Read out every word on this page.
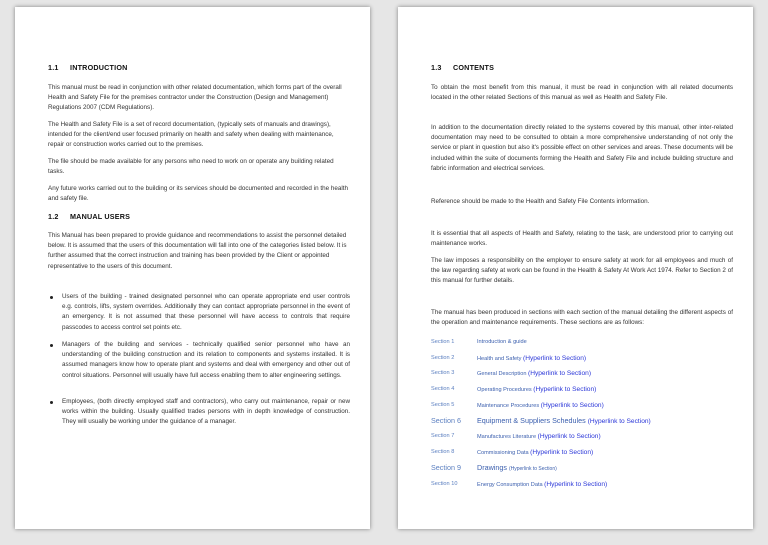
1.1 INTRODUCTION
This manual must be read in conjunction with other related documentation, which forms part of the overall Health and Safety File for the premises contractor under the Construction (Design and Management) Regulations 2007 (CDM Regulations).
The Health and Safety File is a set of record documentation, (typically sets of manuals and drawings), intended for the client/end user focused primarily on health and safety when dealing with maintenance, repair or construction works carried out to the premises.
The file should be made available for any persons who need to work on or operate any building related tasks.
Any future works carried out to the building or its services should be documented and recorded in the health and safety file.
1.2 MANUAL USERS
This Manual has been prepared to provide guidance and recommendations to assist the personnel detailed below. It is assumed that the users of this documentation will fall into one of the categories listed below. It is further assumed that the correct instruction and training has been provided by the Client or appointed representative to the users of this document.
Users of the building - trained designated personnel who can operate appropriate end user controls e.g. controls, lifts, system overrides. Additionally they can contact appropriate personnel in the event of an emergency. It is not assumed that these personnel will have access to controls that require passcodes to access control set points etc.
Managers of the building and services - technically qualified senior personnel who have an understanding of the building construction and its relation to components and systems installed. It is assumed managers know how to operate plant and systems and deal with emergency and other out of control situations. Personnel will usually have full access enabling them to alter engineering settings.
Employees, (both directly employed staff and contractors), who carry out maintenance, repair or new works within the building. Usually qualified trades persons with in depth knowledge of construction. They will usually be working under the guidance of a manager.
1.3 CONTENTS
To obtain the most benefit from this manual, it must be read in conjunction with all related documents located in the other related Sections of this manual as well as Health and Safety File.
In addition to the documentation directly related to the systems covered by this manual, other inter-related documentation may need to be consulted to obtain a more comprehensive understanding of not only the service or plant in question but also it's possible effect on other services and areas. These documents will be included within the suite of documents forming the Health and Safety File and include building structure and fabric information and electrical services.
Reference should be made to the Health and Safety File Contents information.
It is essential that all aspects of Health and Safety, relating to the task, are understood prior to carrying out maintenance works.
The law imposes a responsibility on the employer to ensure safety at work for all employees and much of the law regarding safety at work can be found in the Health & Safety At Work Act 1974. Refer to Section 2 of this manual for further details.
The manual has been produced in sections with each section of the manual detailing the different aspects of the operation and maintenance requirements. These sections are as follows:
Section 1	Introduction & guide
Section 2	Health and Safety (Hyperlink to Section)
Section 3	General Description (Hyperlink to Section)
Section 4	Operating Procedures (Hyperlink to Section)
Section 5	Maintenance Procedures (Hyperlink to Section)
Section 6 Equipment & Suppliers Schedules (Hyperlink to Section)
Section 7	Manufactures Literature (Hyperlink to Section)
Section 8	Commissioning Data (Hyperlink to Section)
Section 9 Drawings (Hyperlink to Section)
Section 10	Energy Consumption Data (Hyperlink to Section)
